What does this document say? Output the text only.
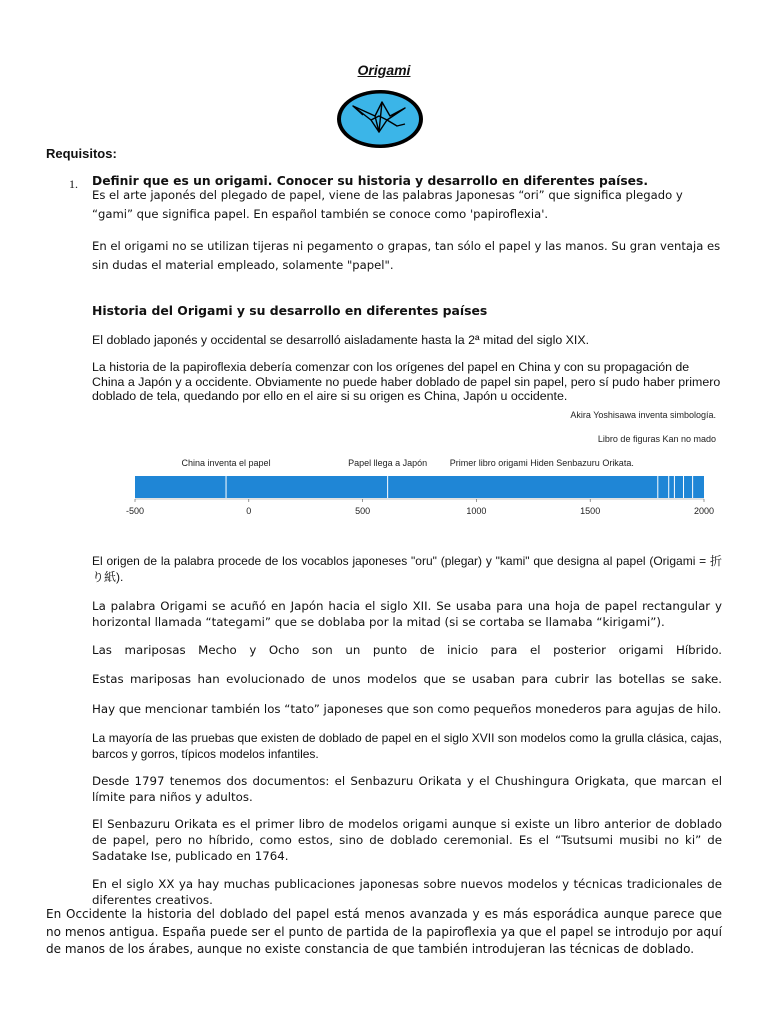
Origami
Requisitos:
1. Definir que es un origami. Conocer su historia y desarrollo en diferentes países.
Es el arte japonés del plegado de papel, viene de las palabras Japonesas “ori” que significa plegado y “gami” que significa papel. En español también se conoce como 'papiroflexia'.
En el origami no se utilizan tijeras ni pegamento o grapas, tan sólo el papel y las manos. Su gran ventaja es sin dudas el material empleado, solamente "papel".
Historia del Origami y su desarrollo en diferentes países
El doblado japonés y occidental se desarrolló aisladamente hasta la 2ª mitad del siglo XIX.
La historia de la papiroflexia debería comenzar con los orígenes del papel en China y con su propagación de China a Japón y a occidente. Obviamente no puede haber doblado de papel sin papel, pero sí pudo haber primero doblado de tela, quedando por ello en el aire si su origen es China, Japón u occidente.
-500	0	500	1000	1500	2000
China inventa el papel	Papel llega a Japón	Primer libro origami Hiden Senbazuru Orikata.
Libro de figuras Kan no mado
Akira Yoshisawa inventa simbología.
El origen de la palabra procede de los vocablos japoneses "oru" (plegar) y "kami" que designa al papel (Origami = 折り紙).
La palabra Origami se acuñó en Japón hacia el siglo XII. Se usaba para una hoja de papel rectangular y horizontal llamada “tategami” que se doblaba por la mitad (si se cortaba se llamaba “kirigami”).
Las mariposas Mecho y Ocho son un punto de inicio para el posterior origami Híbrido.
Estas mariposas han evolucionado de unos modelos que se usaban para cubrir las botellas se sake.
Hay que mencionar también los “tato” japoneses que son como pequeños monederos para agujas de hilo.
La mayoría de las pruebas que existen de doblado de papel en el siglo XVII son modelos como la grulla clásica, cajas, barcos y gorros, típicos modelos infantiles.
Desde 1797 tenemos dos documentos: el Senbazuru Orikata y el Chushingura Origkata, que marcan el límite para niños y adultos.
El Senbazuru Orikata es el primer libro de modelos origami aunque si existe un libro anterior de doblado de papel, pero no híbrido, como estos, sino de doblado ceremonial. Es el “Tsutsumi musibi no ki” de Sadatake Ise, publicado en 1764.
En el siglo XX ya hay muchas publicaciones japonesas sobre nuevos modelos y técnicas tradicionales de diferentes creativos.
En Occidente la historia del doblado del papel está menos avanzada y es más esporádica aunque parece que no menos antigua. España puede ser el punto de partida de la papiroflexia ya que el papel se introdujo por aquí de manos de los árabes, aunque no existe constancia de que también introdujeran las técnicas de doblado.
